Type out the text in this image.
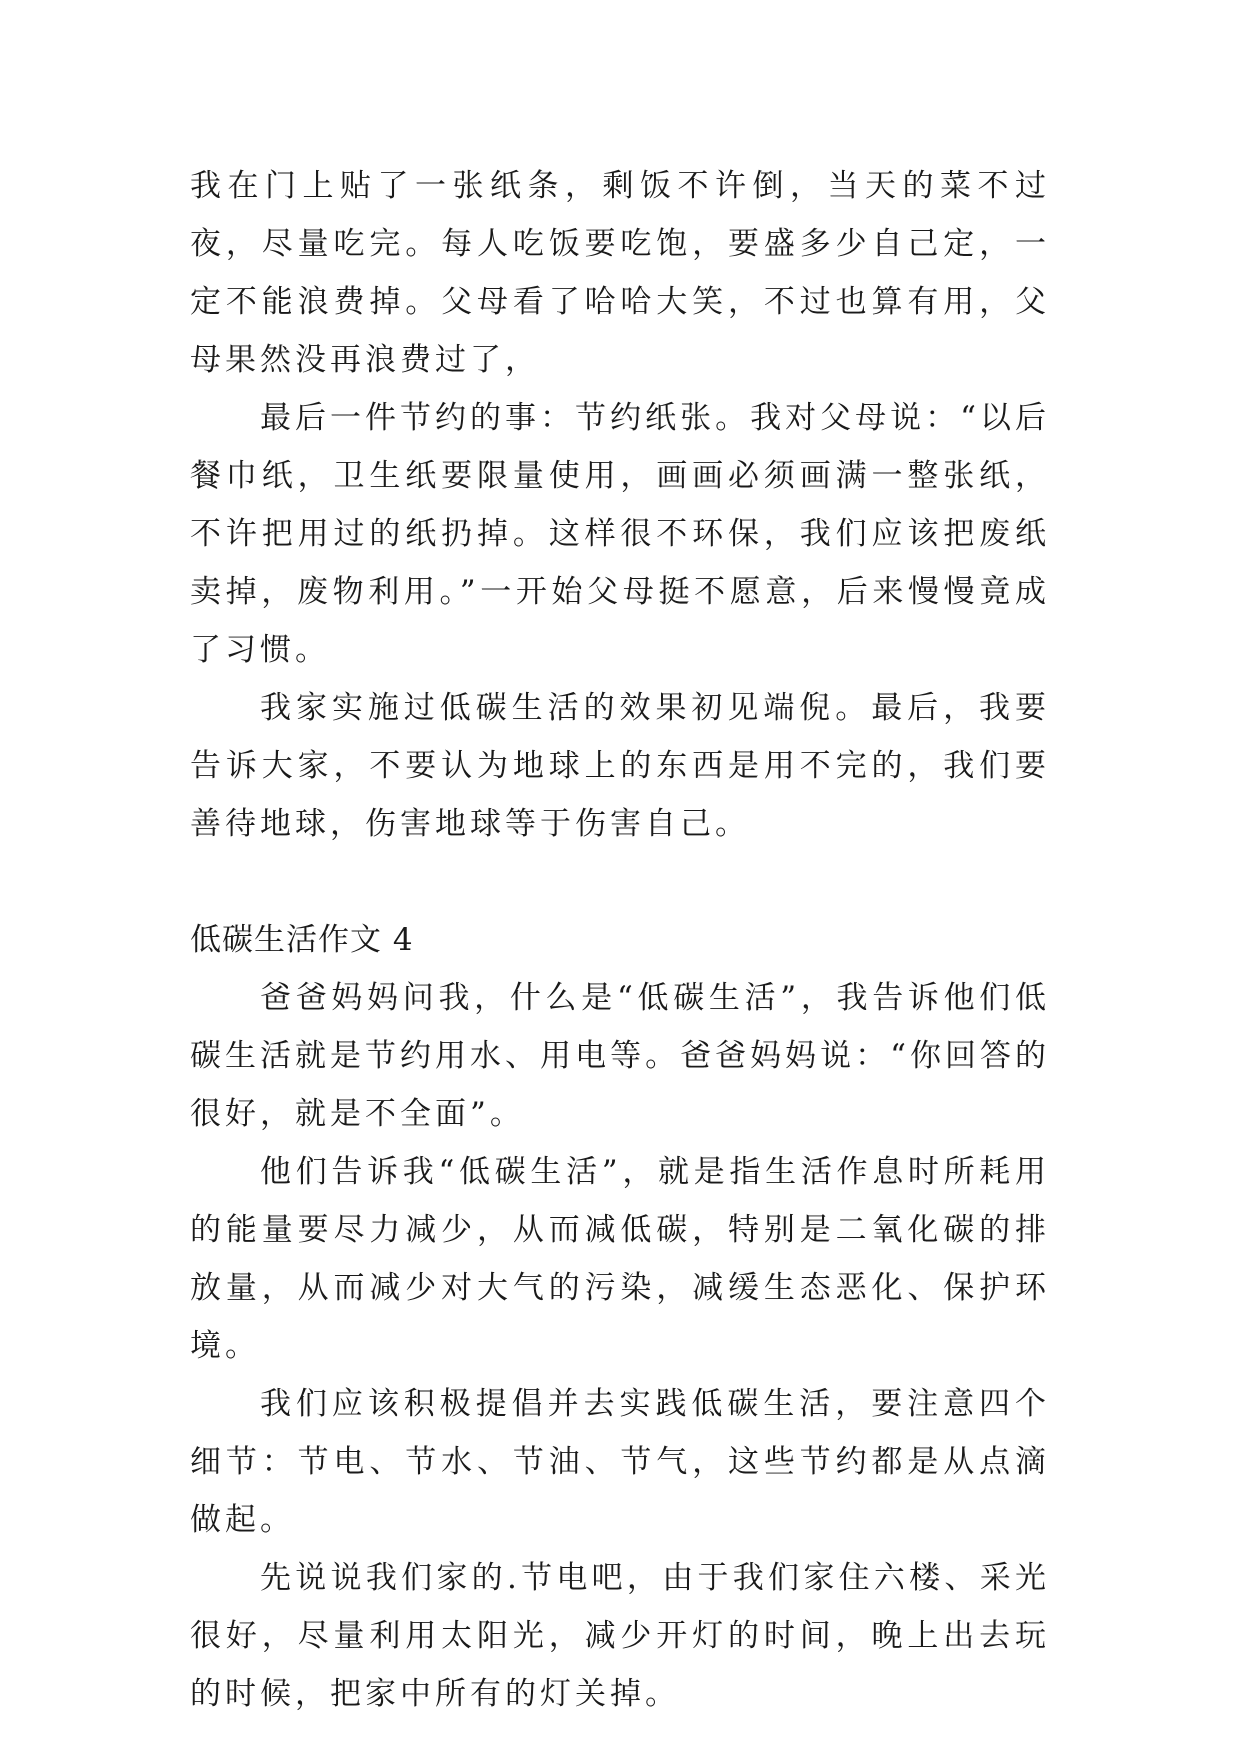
我在门上贴了一张纸条，剩饭不许倒，当天的菜不过夜，尽量吃完。每人吃饭要吃饱，要盛多少自己定，一定不能浪费掉。父母看了哈哈大笑，不过也算有用，父母果然没再浪费过了，

最后一件节约的事：节约纸张。我对父母说：“以后餐巾纸，卫生纸要限量使用，画画必须画满一整张纸，不许把用过的纸扔掉。这样很不环保，我们应该把废纸卖掉，废物利用。”一开始父母挺不愿意，后来慢慢竟成了习惯。

我家实施过低碳生活的效果初见端倪。最后，我要告诉大家，不要认为地球上的东西是用不完的，我们要善待地球，伤害地球等于伤害自己。

低碳生活作文 4

爸爸妈妈问我，什么是“低碳生活”，我告诉他们低碳生活就是节约用水、用电等。爸爸妈妈说：“你回答的很好，就是不全面”。

他们告诉我“低碳生活”，就是指生活作息时所耗用的能量要尽力减少，从而减低碳，特别是二氧化碳的排放量，从而减少对大气的污染，减缓生态恶化、保护环境。

我们应该积极提倡并去实践低碳生活，要注意四个细节：节电、节水、节油、节气，这些节约都是从点滴做起。

先说说我们家的.节电吧，由于我们家住六楼、采光很好，尽量利用太阳光，减少开灯的时间，晚上出去玩的时候，把家中所有的灯关掉。
